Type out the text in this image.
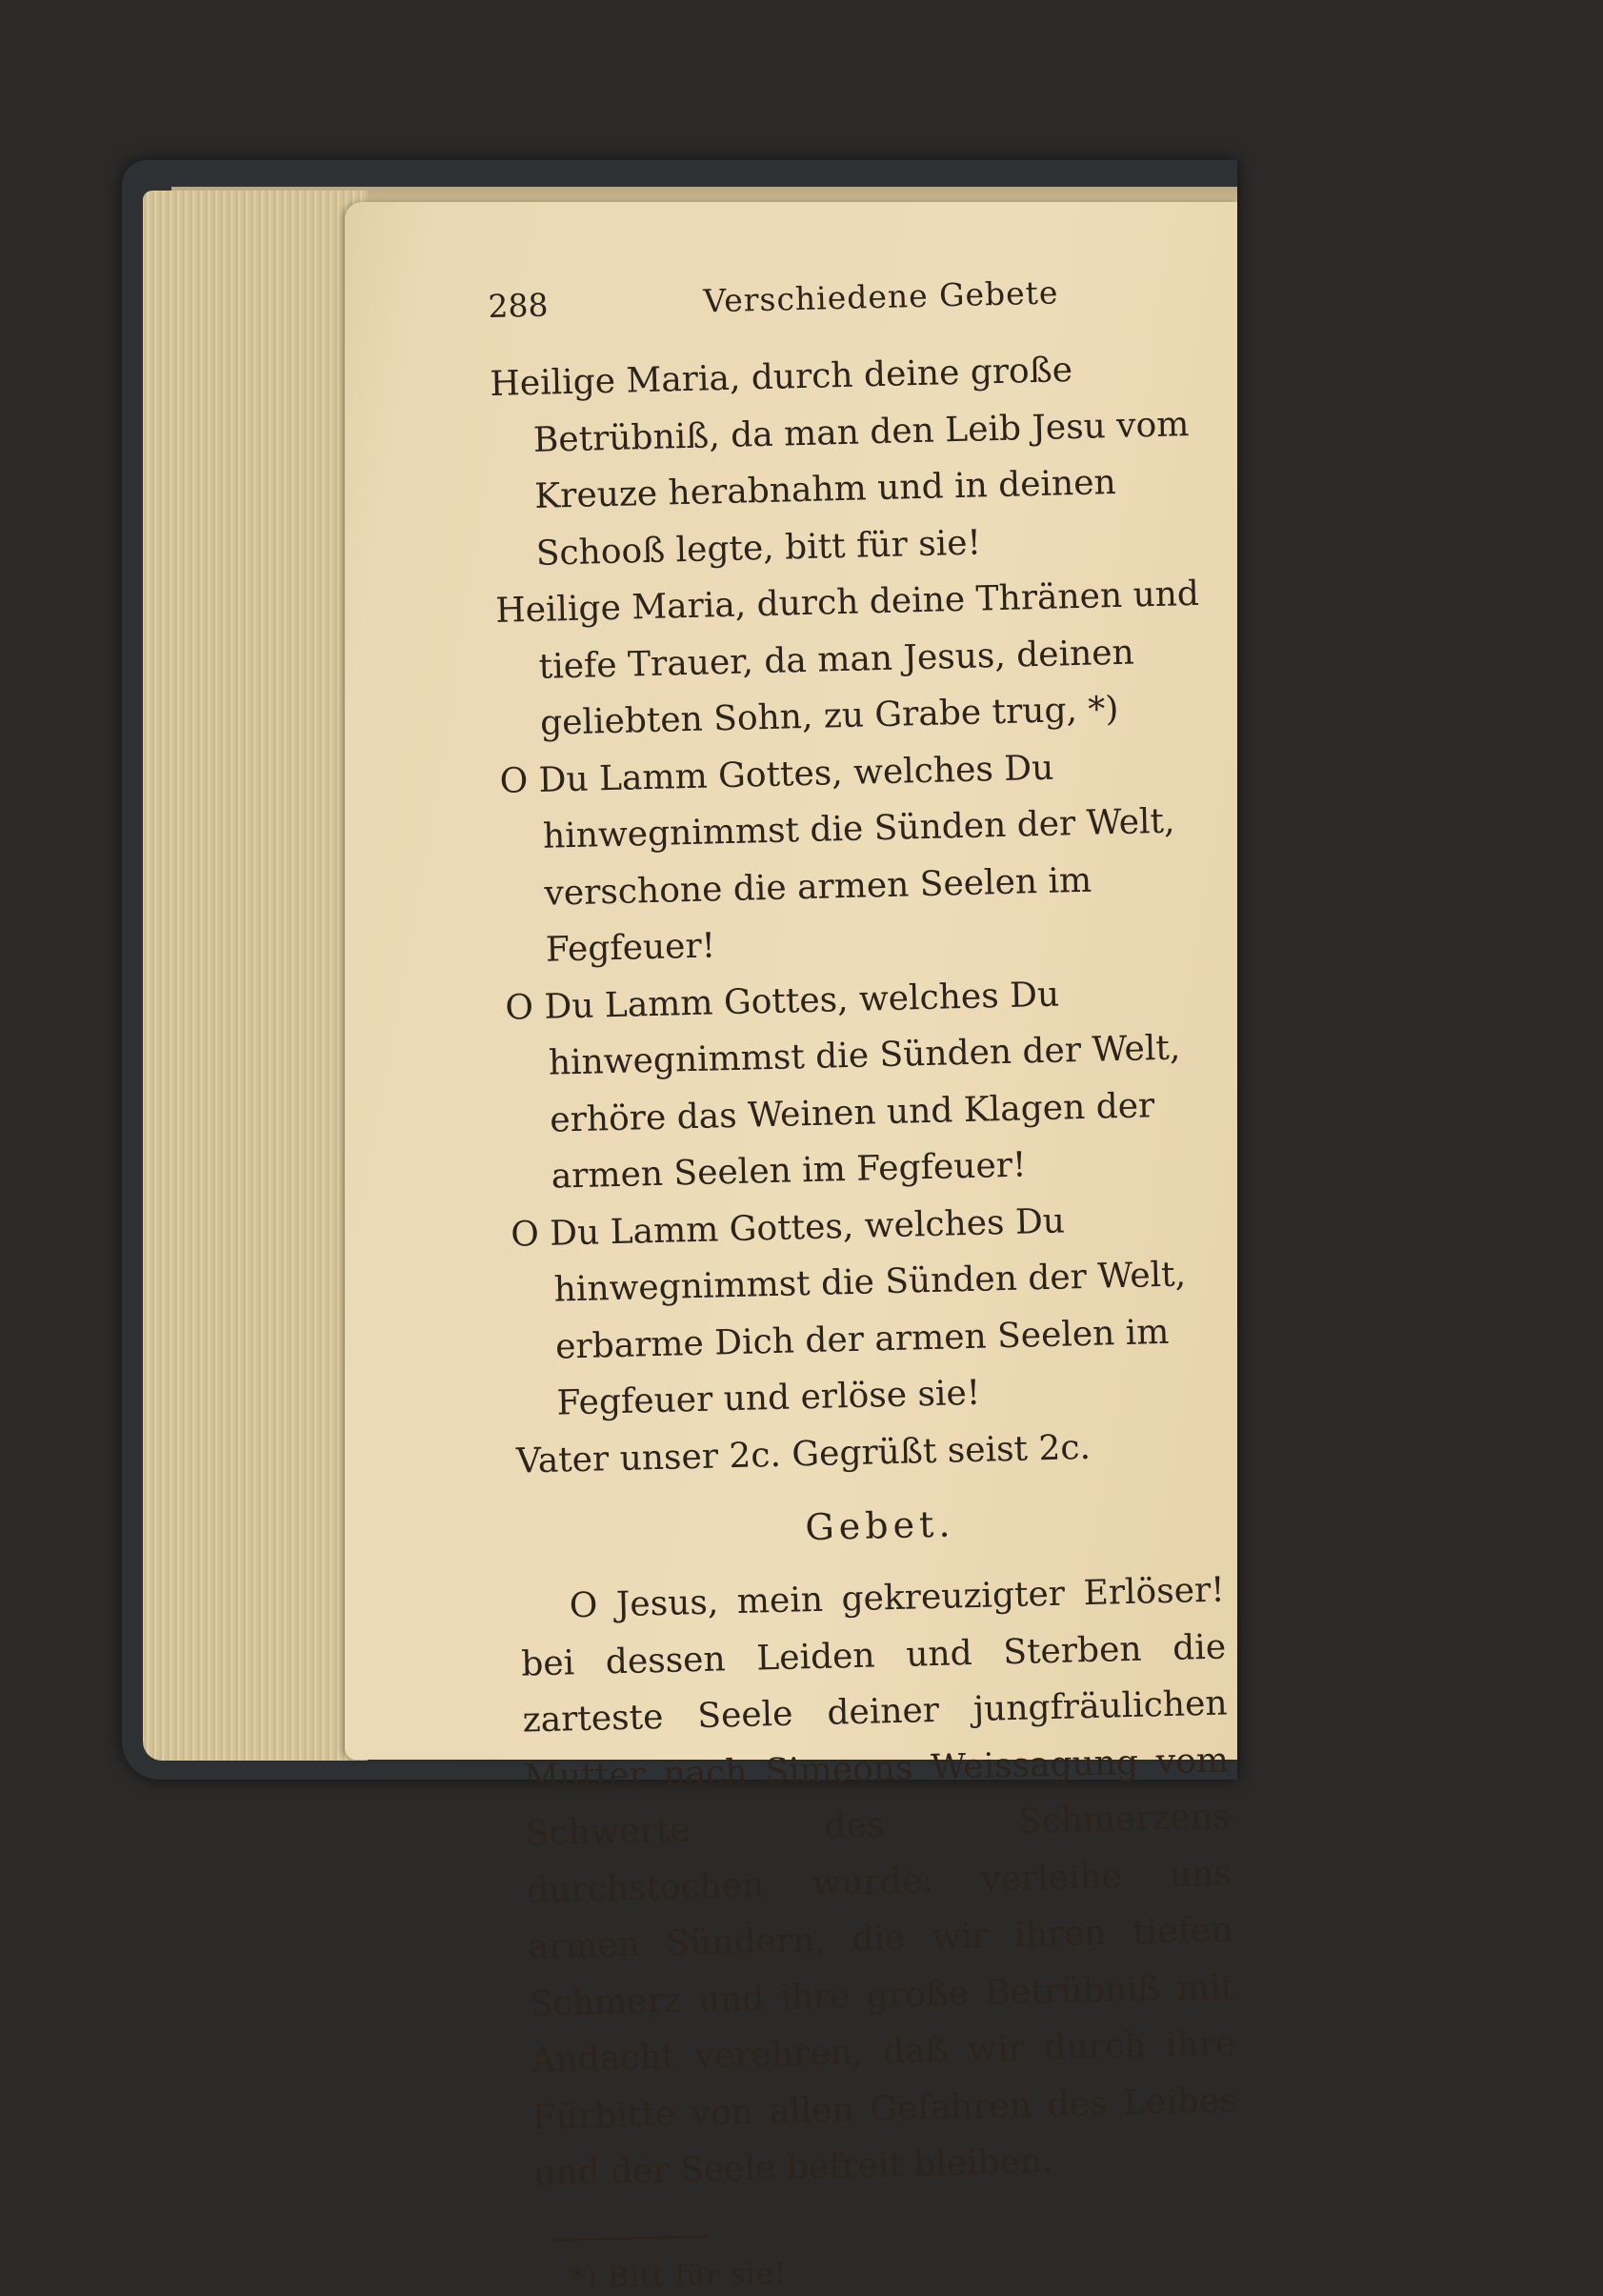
288	Verschiedene Gebete

Heilige Maria, durch deine große Betrübniß, da man den Leib Jesu vom Kreuze herabnahm und in deinen Schooß legte, bitt für sie!

Heilige Maria, durch deine Thränen und tiefe Trauer, da man Jesus, deinen geliebten Sohn, zu Grabe trug, *)

O Du Lamm Gottes, welches Du hinwegnimmst die Sünden der Welt, verschone die armen Seelen im Fegfeuer!

O Du Lamm Gottes, welches Du hinwegnimmst die Sünden der Welt, erhöre das Weinen und Klagen der armen Seelen im Fegfeuer!

O Du Lamm Gottes, welches Du hinwegnimmst die Sünden der Welt, erbarme Dich der armen Seelen im Fegfeuer und erlöse sie!

Vater unser 2c. Gegrüßt seist 2c.

Gebet.

O Jesus, mein gekreuzigter Erlöser! bei dessen Leiden und Sterben die zarteste Seele deiner jungfräulichen Mutter nach Simeons Weissagung vom Schwerte des Schmerzens durchstochen wurde: verleihe uns armen Sündern, die wir ihren tiefen Schmerz und ihre große Betrübniß mit Andacht verehren, daß wir durch ihre Fürbitte von allen Gefahren des Leibes und der Seele befreit bleiben.

*) Bitt für sie!
